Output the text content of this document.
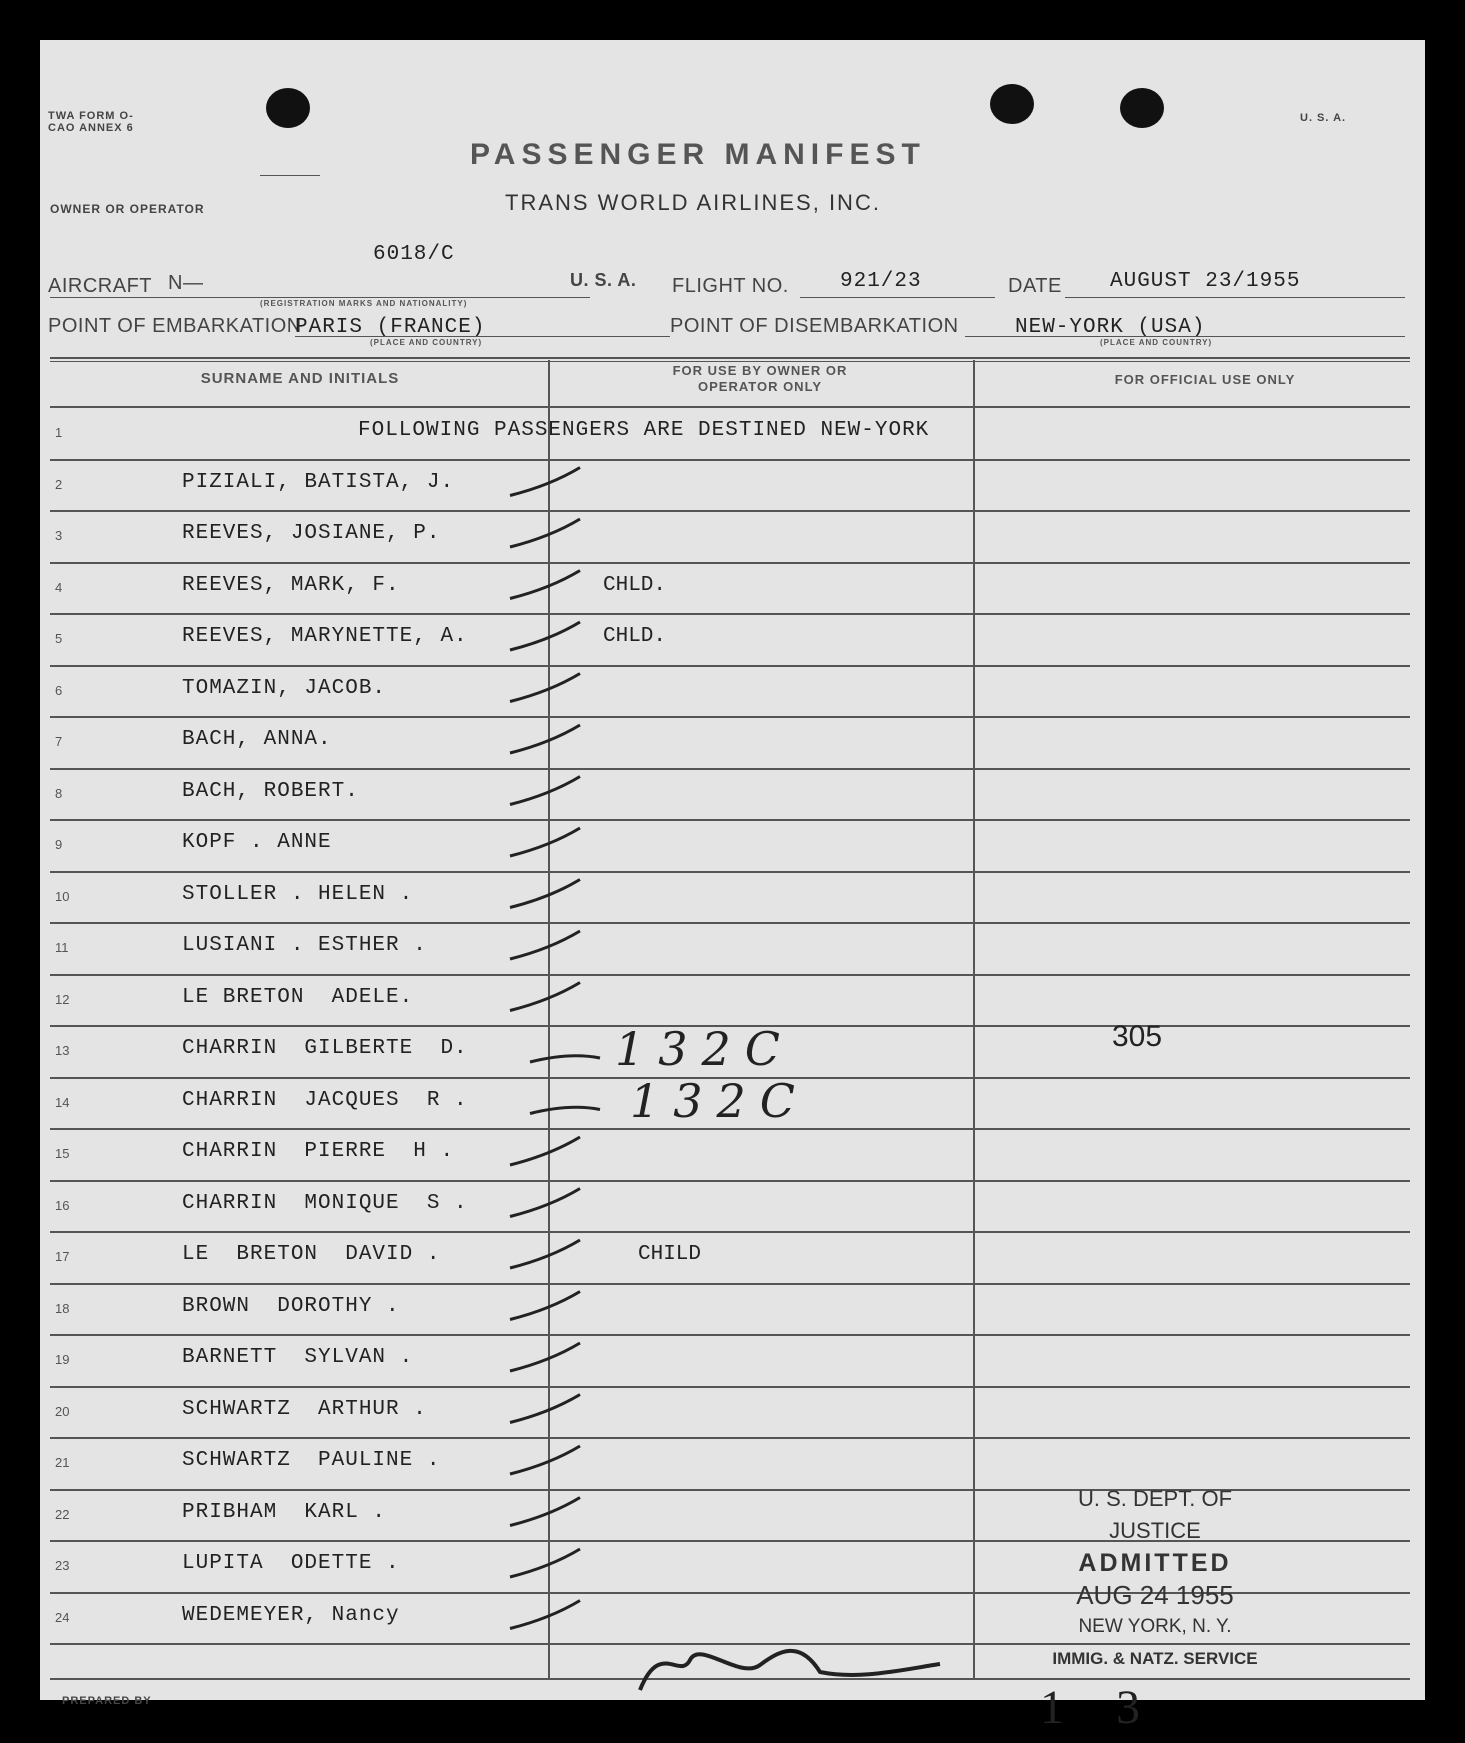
TWA FORM O-
CAO ANNEX 6
U. S. A.
PASSENGER MANIFEST
TRANS WORLD AIRLINES, INC.
OWNER OR OPERATOR
AIRCRAFT N—
6018/C
(REGISTRATION MARKS AND NATIONALITY)
U. S. A. FLIGHT NO. 921/23	DATE AUGUST 23/1955
POINT OF EMBARKATION
PARIS (FRANCE)
(PLACE AND COUNTRY)
POINT OF DISEMBARKATION	NEW-YORK (USA)
(PLACE AND COUNTRY)
SURNAME AND INITIALS	FOR USE BY OWNER OR OPERATOR ONLY	FOR OFFICIAL USE ONLY
1	FOLLOWING PASSENGERS ARE DESTINED NEW-YORK
2	PIZIALI, BATISTA, J.
3	REEVES, JOSIANE, P.
4	REEVES, MARK, F.	CHLD.
5	REEVES, MARYNETTE, A.	CHLD.
6	TOMAZIN, JACOB.
7	BACH, ANNA.
8	BACH, ROBERT.
9	KOPF . ANNE
10	STOLLER . HELEN .
11	LUSIANI . ESTHER .
12	LE BRETON  ADELE.
13	CHARRIN  GILBERTE  D.	132C
14	CHARRIN  JACQUES  R .	132C
15	CHARRIN  PIERRE  H .
16	CHARRIN  MONIQUE  S .
17	LE  BRETON  DAVID .	CHILD
18	BROWN  DOROTHY .
19	BARNETT  SYLVAN .
20	SCHWARTZ  ARTHUR .
21	SCHWARTZ  PAULINE .
22	PRIBHAM  KARL .
23	LUPITA  ODETTE .
24	WEDEMEYER, Nancy
305
U. S. DEPT. OF JUSTICE
ADMITTED
AUG 24 1955
NEW YORK, N. Y.
IMMIG. & NATZ. SERVICE
1 3
PREPARED BY
